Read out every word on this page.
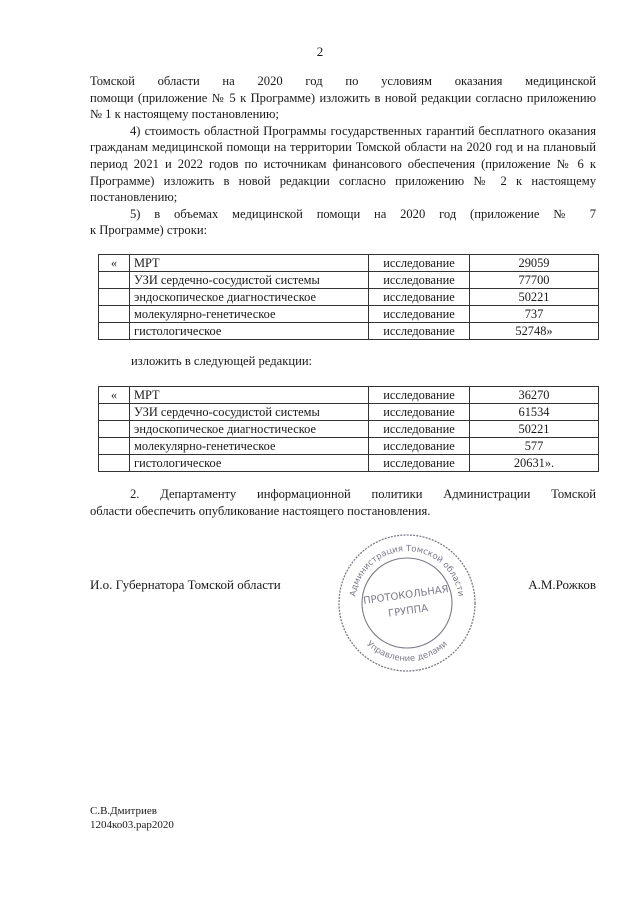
2

Томской области на 2020 год по условиям оказания медицинской

помощи (приложение № 5 к Программе) изложить в новой редакции согласно приложению № 1 к настоящему постановлению;

4) стоимость областной Программы государственных гарантий бесплатного оказания гражданам медицинской помощи на территории Томской области на 2020 год и на плановый период 2021 и 2022 годов по источникам финансового обеспечения (приложение № 6 к Программе) изложить в новой редакции согласно приложению № 2 к настоящему постановлению;

5) в объемах медицинской помощи на 2020 год (приложение № 7

к Программе) строки:

«	МРТ	исследование	29059
	УЗИ сердечно-сосудистой системы	исследование	77700
	эндоскопическое диагностическое	исследование	50221
	молекулярно-генетическое	исследование	737
	гистологическое	исследование	52748»
изложить в следующей редакции:
«	МРТ	исследование	36270
	УЗИ сердечно-сосудистой системы	исследование	61534
	эндоскопическое диагностическое	исследование	50221
	молекулярно-генетическое	исследование	577
	гистологическое	исследование	20631».

2. Департаменту информационной политики Администрации Томской

области обеспечить опубликование настоящего постановления.

И.о. Губернатора Томской области	А.М.Рожков
Администрация Томской области
Управление делами
ПРОТОКОЛЬНАЯ
ГРУППА
С.В.Дмитриев
1204ко03.рар2020
